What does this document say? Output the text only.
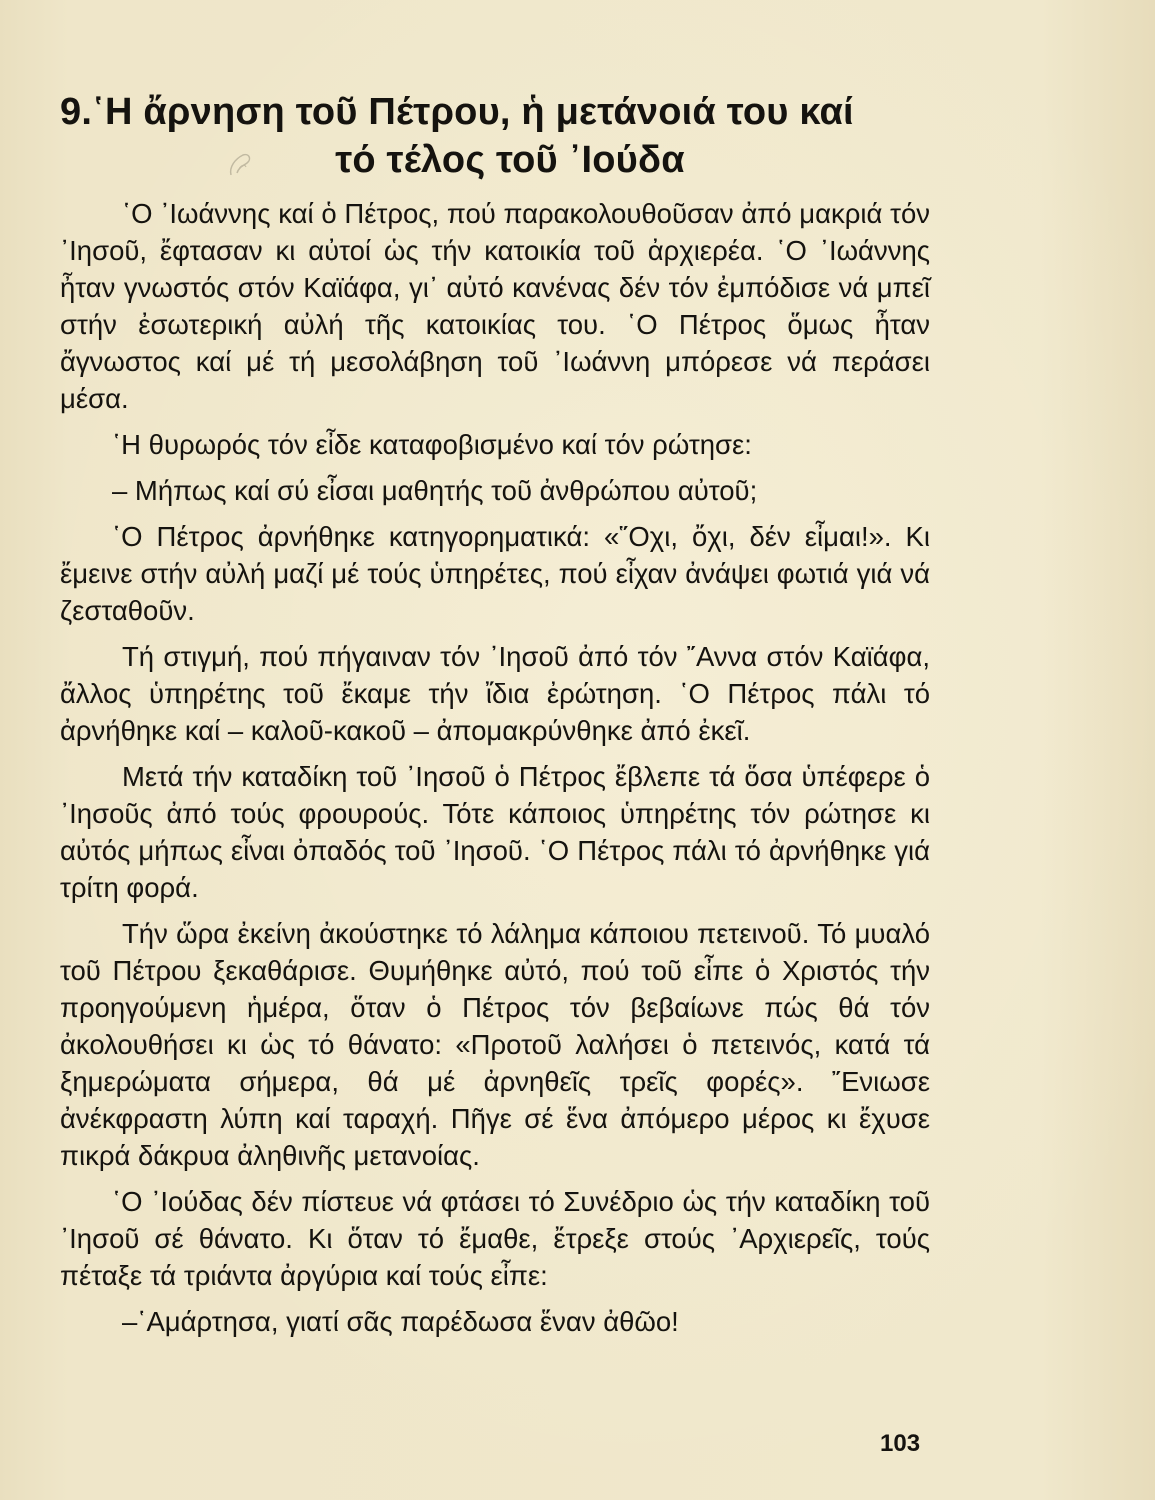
9.῾Η ἄρνηση τοῦ Πέτρου, ἡ μετάνοιά του καί
τό τέλος τοῦ ᾿Ιούδα

῾Ο ᾿Ιωάννης καί ὁ Πέτρος, πού παρακολουθοῦσαν ἀπό μακριά τόν ᾿Ιησοῦ, ἔφτασαν κι αὐτοί ὡς τήν κατοικία τοῦ ἀρχιερέα. ῾Ο ᾿Ιωάννης ἦταν γνωστός στόν Καϊάφα, γι᾿ αὐτό κανένας δέν τόν ἐμπόδισε νά μπεῖ στήν ἐσωτερική αὐλή τῆς κατοικίας του. ῾Ο Πέτρος ὅμως ἦταν ἄγνωστος καί μέ τή μεσολάβηση τοῦ ᾿Ιωάννη μπόρεσε νά περάσει μέσα.

῾Η θυρωρός τόν εἶδε καταφοβισμένο καί τόν ρώτησε:

– Μήπως καί σύ εἶσαι μαθητής τοῦ ἀνθρώπου αὐτοῦ;

῾Ο Πέτρος ἀρνήθηκε κατηγορηματικά: «῞Οχι, ὄχι, δέν εἶμαι!». Κι ἔμεινε στήν αὐλή μαζί μέ τούς ὑπηρέτες, πού εἶχαν ἀνάψει φωτιά γιά νά ζεσταθοῦν.

Τή στιγμή, πού πήγαιναν τόν ᾿Ιησοῦ ἀπό τόν ῎Αννα στόν Καϊάφα, ἄλλος ὑπηρέτης τοῦ ἔκαμε τήν ἴδια ἐρώτηση. ῾Ο Πέτρος πάλι τό ἀρνήθηκε καί – καλοῦ-κακοῦ – ἀπομακρύνθηκε ἀπό ἐκεῖ.

Μετά τήν καταδίκη τοῦ ᾿Ιησοῦ ὁ Πέτρος ἔβλεπε τά ὅσα ὑπέφερε ὁ ᾿Ιησοῦς ἀπό τούς φρουρούς. Τότε κάποιος ὑπηρέτης τόν ρώτησε κι αὐτός μήπως εἶναι ὀπαδός τοῦ ᾿Ιησοῦ. ῾Ο Πέτρος πάλι τό ἀρνήθηκε γιά τρίτη φορά.

Τήν ὥρα ἐκείνη ἀκούστηκε τό λάλημα κάποιου πετεινοῦ. Τό μυαλό τοῦ Πέτρου ξεκαθάρισε. Θυμήθηκε αὐτό, πού τοῦ εἶπε ὁ Χριστός τήν προηγούμενη ἡμέρα, ὅταν ὁ Πέτρος τόν βεβαίωνε πώς θά τόν ἀκολουθήσει κι ὡς τό θάνατο: «Προτοῦ λαλήσει ὁ πετεινός, κατά τά ξημερώματα σήμερα, θά μέ ἀρνηθεῖς τρεῖς φορές». ῎Ενιωσε ἀνέκφραστη λύπη καί ταραχή. Πῆγε σέ ἕνα ἀπόμερο μέρος κι ἔχυσε πικρά δάκρυα ἀληθινῆς μετανοίας.

῾Ο ᾿Ιούδας δέν πίστευε νά φτάσει τό Συνέδριο ὡς τήν καταδίκη τοῦ ᾿Ιησοῦ σέ θάνατο. Κι ὅταν τό ἔμαθε, ἔτρεξε στούς ᾿Αρχιερεῖς, τούς πέταξε τά τριάντα ἀργύρια καί τούς εἶπε:

–῾Αμάρτησα, γιατί σᾶς παρέδωσα ἕναν ἀθῶο!

103
